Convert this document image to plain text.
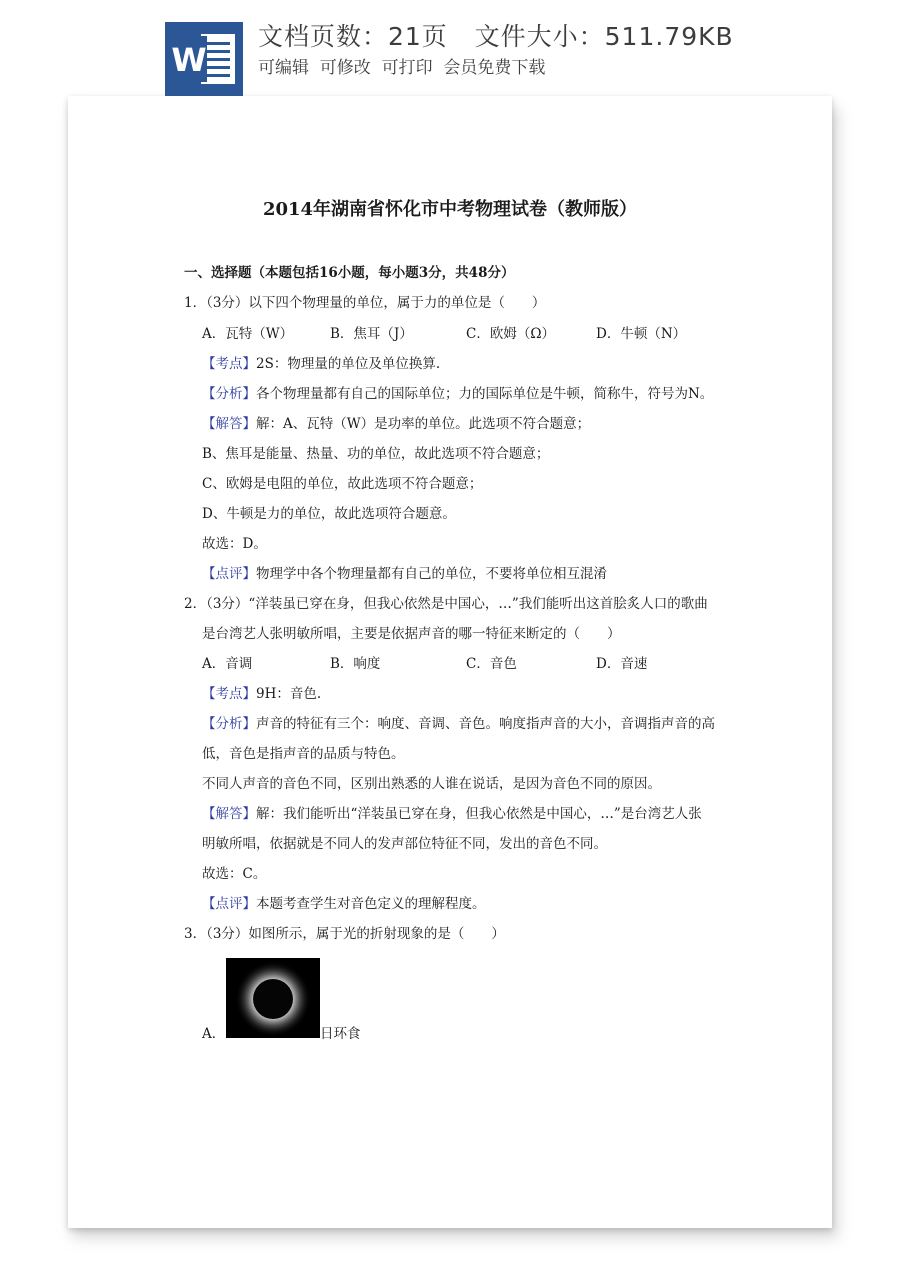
W
文档页数：21页   文件大小：511.79KB
可编辑  可修改  可打印  会员免费下载
2014年湖南省怀化市中考物理试卷（教师版）
一、选择题（本题包括16小题，每小题3分，共48分）
1．（3分）以下四个物理量的单位，属于力的单位是（　　）
A．瓦特（W）	B．焦耳（J）	C．欧姆（Ω）	D．牛顿（N）
【考点】2S：物理量的单位及单位换算.
【分析】各个物理量都有自己的国际单位；力的国际单位是牛顿，简称牛，符号为N。
【解答】解：A、瓦特（W）是功率的单位。此选项不符合题意；
B、焦耳是能量、热量、功的单位，故此选项不符合题意；
C、欧姆是电阻的单位，故此选项不符合题意；
D、牛顿是力的单位，故此选项符合题意。
故选：D。
【点评】物理学中各个物理量都有自己的单位，不要将单位相互混淆
2．（3分）“洋装虽已穿在身，但我心依然是中国心，…”我们能听出这首脍炙人口的歌曲
是台湾艺人张明敏所唱，主要是依据声音的哪一特征来断定的（　　）
A．音调	B．响度	C．音色	D．音速
【考点】9H：音色.
【分析】声音的特征有三个：响度、音调、音色。响度指声音的大小，音调指声音的高
低，音色是指声音的品质与特色。
不同人声音的音色不同，区别出熟悉的人谁在说话，是因为音色不同的原因。
【解答】解：我们能听出“洋装虽已穿在身，但我心依然是中国心，…”是台湾艺人张
明敏所唱，依据就是不同人的发声部位特征不同，发出的音色不同。
故选：C。
【点评】本题考查学生对音色定义的理解程度。
3．（3分）如图所示，属于光的折射现象的是（　　）
A．	日环食
